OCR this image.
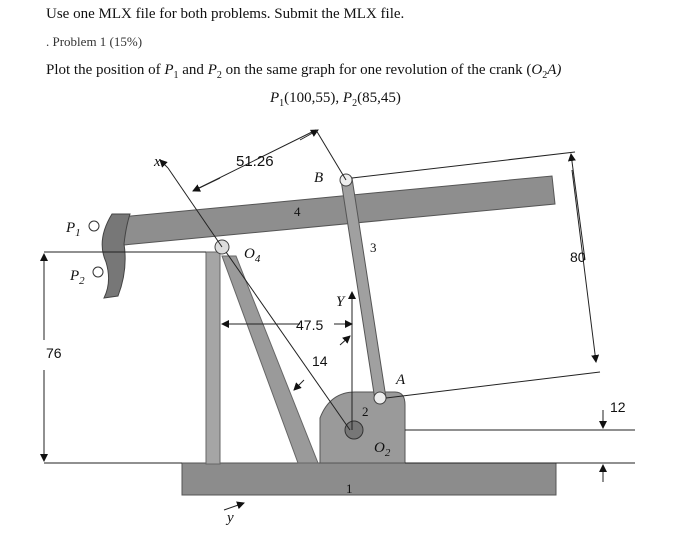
Use one MLX file for both problems. Submit the MLX file.
. Problem 1 (15%)
Plot the position of $P_1$ and $P_2$ on the same graph for one revolution of the crank $(O_2A)$
$P_1(100,55)$, $P_2(85,45)$
51.26
x
B
4
3
2
1
$O_4$
$O_2$
A
Y
y
47.5
14
76
80
12
$P_1$
$P_2$
